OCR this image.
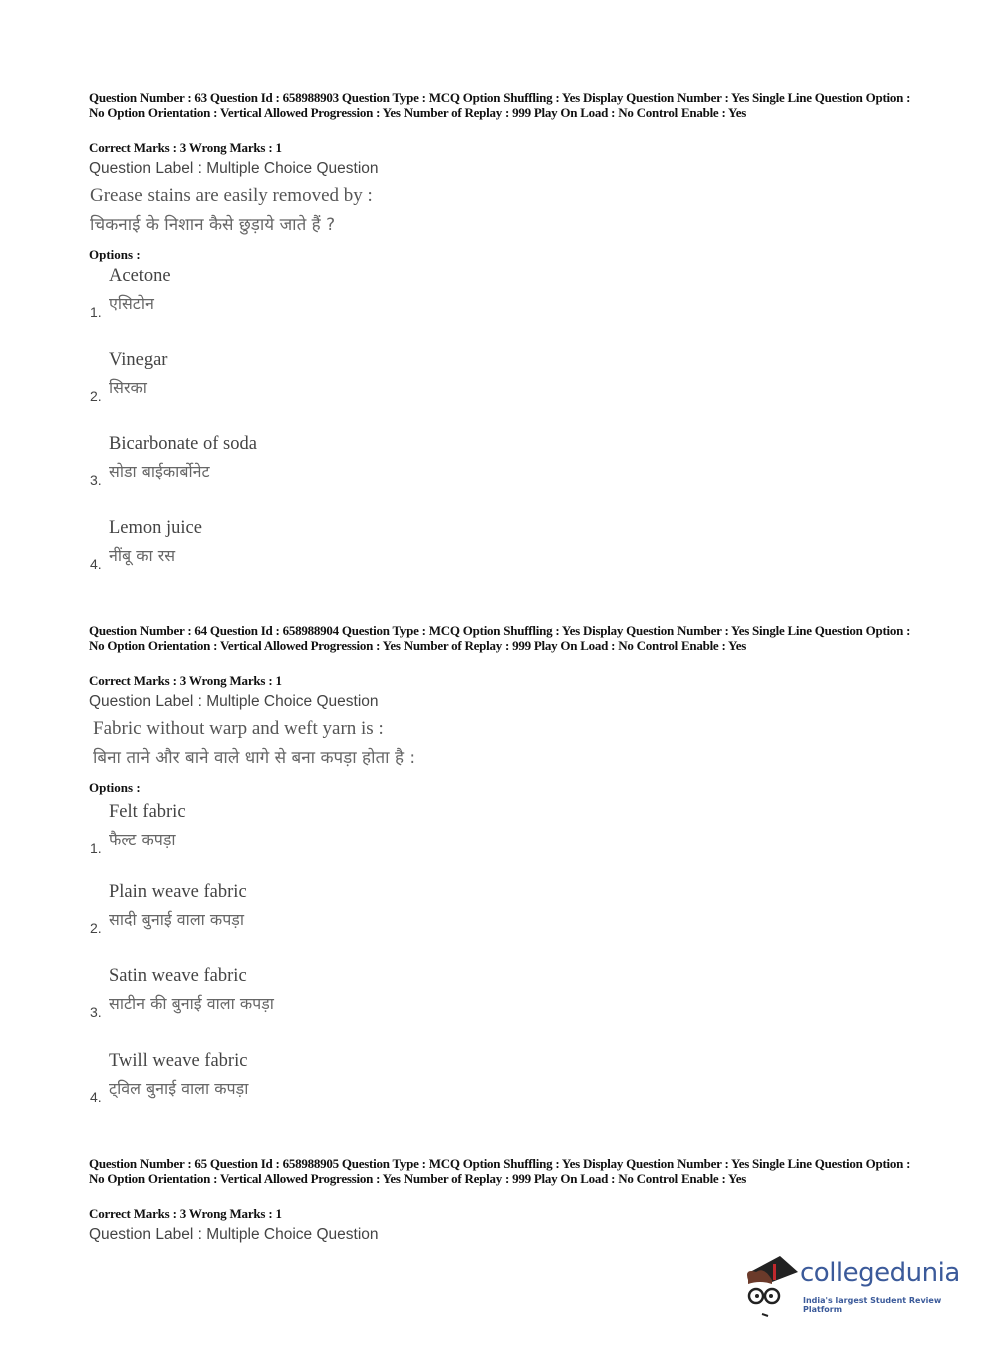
Question Number : 63 Question Id : 658988903 Question Type : MCQ Option Shuffling : Yes Display Question Number : Yes Single Line Question Option : No Option Orientation : Vertical Allowed Progression : Yes Number of Replay : 999 Play On Load : No Control Enable : Yes
Correct Marks : 3 Wrong Marks : 1
Question Label : Multiple Choice Question
Grease stains are easily removed by :
चिकनाई के निशान कैसे छुड़ाये जाते हैं ?
Options :
1.
Acetone
एसिटोन
2.
Vinegar
सिरका
3.
Bicarbonate of soda
सोडा बाईकार्बोनेट
4.
Lemon juice
नींबू का रस
Question Number : 64 Question Id : 658988904 Question Type : MCQ Option Shuffling : Yes Display Question Number : Yes Single Line Question Option : No Option Orientation : Vertical Allowed Progression : Yes Number of Replay : 999 Play On Load : No Control Enable : Yes
Correct Marks : 3 Wrong Marks : 1
Question Label : Multiple Choice Question
Fabric without warp and weft yarn is :
बिना ताने और बाने वाले धागे से बना कपड़ा होता है :
Options :
1.
Felt fabric
फैल्ट कपड़ा
2.
Plain weave fabric
सादी बुनाई वाला कपड़ा
3.
Satin weave fabric
साटीन की बुनाई वाला कपड़ा
4.
Twill weave fabric
ट्विल बुनाई वाला कपड़ा
Question Number : 65 Question Id : 658988905 Question Type : MCQ Option Shuffling : Yes Display Question Number : Yes Single Line Question Option : No Option Orientation : Vertical Allowed Progression : Yes Number of Replay : 999 Play On Load : No Control Enable : Yes
Correct Marks : 3 Wrong Marks : 1
Question Label : Multiple Choice Question
collegedunia
India's largest Student Review Platform
